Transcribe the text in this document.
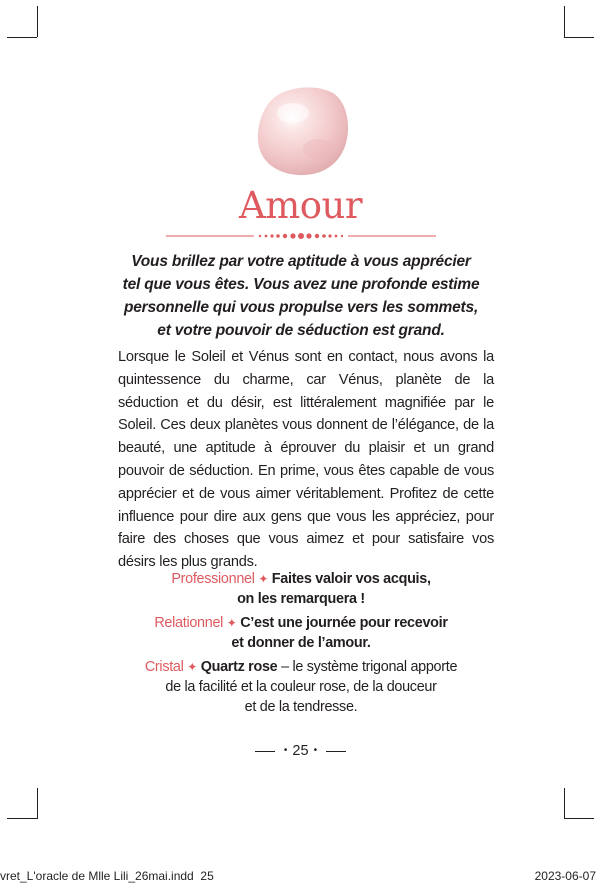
Amour
Vous brillez par votre aptitude à vous apprécier
tel que vous êtes. Vous avez une profonde estime
personnelle qui vous propulse vers les sommets,
et votre pouvoir de séduction est grand.

Lorsque le Soleil et Vénus sont en contact, nous avons la quintessence du charme, car Vénus, planète de la séduction et du désir, est littéralement magnifiée par le Soleil. Ces deux planètes vous donnent de l’élégance, de la beauté, une aptitude à éprouver du plaisir et un grand pouvoir de séduction. En prime, vous êtes capable de vous apprécier et de vous aimer véritablement. Profitez de cette influence pour dire aux gens que vous les appréciez, pour faire des choses que vous aimez et pour satisfaire vos désirs les plus grands.

Professionnel ✦ Faites valoir vos acquis,
on les remarquera !
Relationnel ✦ C’est une journée pour recevoir
et donner de l’amour.
Cristal ✦ Quartz rose – le système trigonal apporte
de la facilité et la couleur rose, de la douceur
et de la tendresse.
• 25 •
vret_L'oracle de Mlle Lili_26mai.indd 25	2023-06-07
